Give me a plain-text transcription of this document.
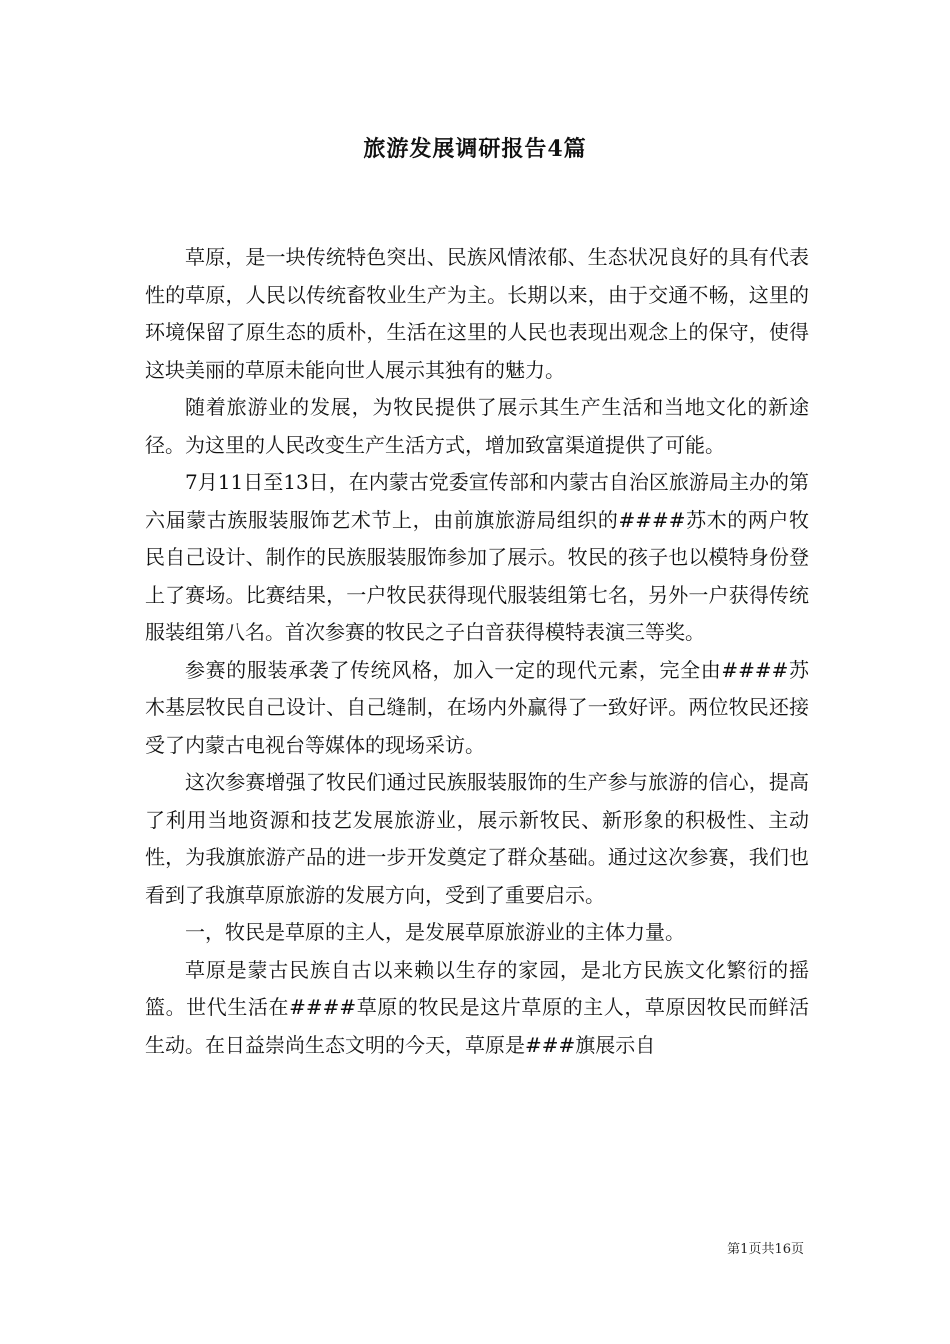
旅游发展调研报告4篇

草原，是一块传统特色突出、民族风情浓郁、生态状况良好的具有代表性的草原，人民以传统畜牧业生产为主。长期以来，由于交通不畅，这里的环境保留了原生态的质朴，生活在这里的人民也表现出观念上的保守，使得这块美丽的草原未能向世人展示其独有的魅力。

随着旅游业的发展，为牧民提供了展示其生产生活和当地文化的新途径。为这里的人民改变生产生活方式，增加致富渠道提供了可能。

7月11日至13日，在内蒙古党委宣传部和内蒙古自治区旅游局主办的第六届蒙古族服装服饰艺术节上，由前旗旅游局组织的####苏木的两户牧民自己设计、制作的民族服装服饰参加了展示。牧民的孩子也以模特身份登上了赛场。比赛结果，一户牧民获得现代服装组第七名，另外一户获得传统服装组第八名。首次参赛的牧民之子白音获得模特表演三等奖。

参赛的服装承袭了传统风格，加入一定的现代元素，完全由####苏木基层牧民自己设计、自己缝制，在场内外赢得了一致好评。两位牧民还接受了内蒙古电视台等媒体的现场采访。

这次参赛增强了牧民们通过民族服装服饰的生产参与旅游的信心，提高了利用当地资源和技艺发展旅游业，展示新牧民、新形象的积极性、主动性，为我旗旅游产品的进一步开发奠定了群众基础。通过这次参赛，我们也看到了我旗草原旅游的发展方向，受到了重要启示。

一，牧民是草原的主人，是发展草原旅游业的主体力量。

草原是蒙古民族自古以来赖以生存的家园，是北方民族文化繁衍的摇篮。世代生活在####草原的牧民是这片草原的主人，草原因牧民而鲜活生动。在日益崇尚生态文明的今天，草原是###旗展示自

第1页共16页
